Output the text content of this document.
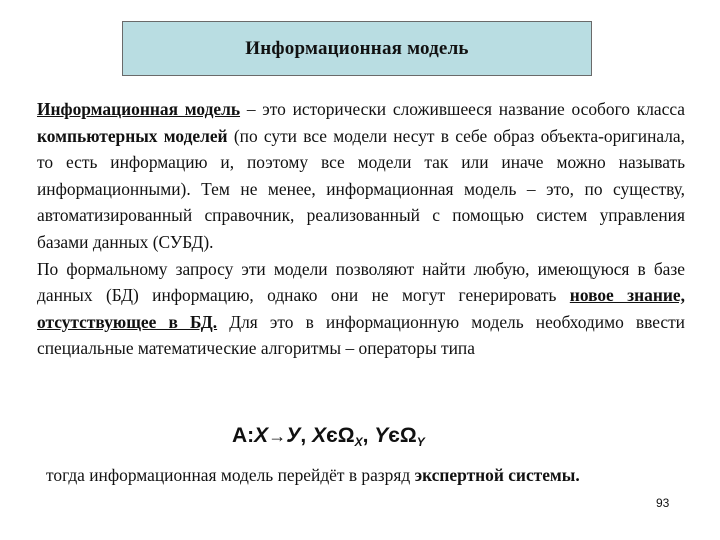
Информационная модель

Информационная модель – это исторически сложившееся название особого класса компьютерных моделей (по сути все модели несут в себе образ объекта-оригинала, то есть информацию и, поэтому все модели так или иначе можно называть информационными). Тем не менее, информационная модель – это, по существу, автоматизированный справочник, реализованный с помощью систем управления базами данных (СУБД).

По формальному запросу эти модели позволяют найти любую, имеющуюся в базе данных (БД) информацию, однако они не могут генерировать новое знание, отсутствующее в БД. Для это в информационную модель необходимо ввести специальные математические алгоритмы – операторы типа

A:X→У, XєΩ$_X$, YєΩ$_Y$

тогда информационная модель перейдёт в разряд экспертной системы.

93
